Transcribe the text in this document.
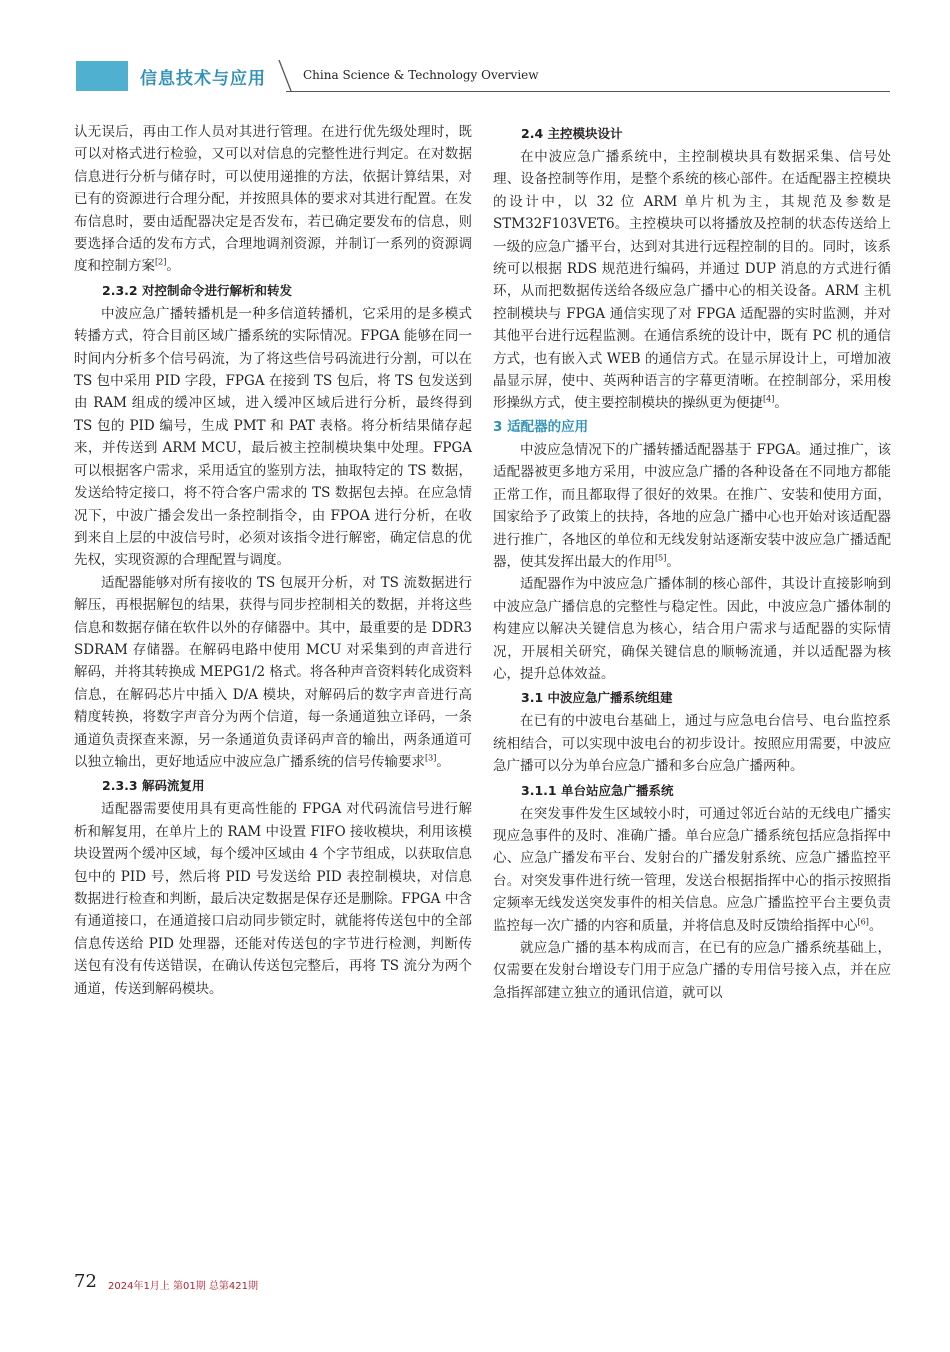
信息技术与应用	China Science & Technology Overview

认无误后，再由工作人员对其进行管理。在进行优先级处理时，既可以对格式进行检验，又可以对信息的完整性进行判定。在对数据信息进行分析与储存时，可以使用递推的方法，依据计算结果，对已有的资源进行合理分配，并按照具体的要求对其进行配置。在发布信息时，要由适配器决定是否发布，若已确定要发布的信息，则要选择合适的发布方式，合理地调剂资源，并制订一系列的资源调度和控制方案[2]。

2.3.2 对控制命令进行解析和转发

中波应急广播转播机是一种多信道转播机，它采用的是多模式转播方式，符合目前区域广播系统的实际情况。FPGA 能够在同一时间内分析多个信号码流，为了将这些信号码流进行分割，可以在 TS 包中采用 PID 字段，FPGA 在接到 TS 包后，将 TS 包发送到由 RAM 组成的缓冲区域，进入缓冲区域后进行分析，最终得到 TS 包的 PID 编号，生成 PMT 和 PAT 表格。将分析结果储存起来，并传送到 ARM MCU，最后被主控制模块集中处理。FPGA 可以根据客户需求，采用适宜的鉴别方法，抽取特定的 TS 数据，发送给特定接口，将不符合客户需求的 TS 数据包去掉。在应急情况下，中波广播会发出一条控制指令，由 FPOA 进行分析，在收到来自上层的中波信号时，必须对该指令进行解密，确定信息的优先权，实现资源的合理配置与调度。

适配器能够对所有接收的 TS 包展开分析，对 TS 流数据进行解压，再根据解包的结果，获得与同步控制相关的数据，并将这些信息和数据存储在软件以外的存储器中。其中，最重要的是 DDR3 SDRAM 存储器。在解码电路中使用 MCU 对采集到的声音进行解码，并将其转换成 MEPG1/2 格式。将各种声音资料转化成资料信息，在解码芯片中插入 D/A 模块，对解码后的数字声音进行高精度转换，将数字声音分为两个信道，每一条通道独立译码，一条通道负责探查来源，另一条通道负责译码声音的输出，两条通道可以独立输出，更好地适应中波应急广播系统的信号传输要求[3]。

2.3.3 解码流复用

适配器需要使用具有更高性能的 FPGA 对代码流信号进行解析和解复用，在单片上的 RAM 中设置 FIFO 接收模块，利用该模块设置两个缓冲区域，每个缓冲区域由 4 个字节组成，以获取信息包中的 PID 号，然后将 PID 号发送给 PID 表控制模块，对信息数据进行检查和判断，最后决定数据是保存还是删除。FPGA 中含有通道接口，在通道接口启动同步锁定时，就能将传送包中的全部信息传送给 PID 处理器，还能对传送包的字节进行检测，判断传送包有没有传送错误，在确认传送包完整后，再将 TS 流分为两个通道，传送到解码模块。

2.4 主控模块设计

在中波应急广播系统中，主控制模块具有数据采集、信号处理、设备控制等作用，是整个系统的核心部件。在适配器主控模块的设计中，以 32 位 ARM 单片机为主，其规范及参数是 STM32F103VET6。主控模块可以将播放及控制的状态传送给上一级的应急广播平台，达到对其进行远程控制的目的。同时，该系统可以根据 RDS 规范进行编码，并通过 DUP 消息的方式进行循环，从而把数据传送给各级应急广播中心的相关设备。ARM 主机控制模块与 FPGA 通信实现了对 FPGA 适配器的实时监测，并对其他平台进行远程监测。在通信系统的设计中，既有 PC 机的通信方式，也有嵌入式 WEB 的通信方式。在显示屏设计上，可增加液晶显示屏，使中、英两种语言的字幕更清晰。在控制部分，采用梭形操纵方式，使主要控制模块的操纵更为便捷[4]。

3 适配器的应用

中波应急情况下的广播转播适配器基于 FPGA。通过推广，该适配器被更多地方采用，中波应急广播的各种设备在不同地方都能正常工作，而且都取得了很好的效果。在推广、安装和使用方面，国家给予了政策上的扶持，各地的应急广播中心也开始对该适配器进行推广，各地区的单位和无线发射站逐渐安装中波应急广播适配器，使其发挥出最大的作用[5]。

适配器作为中波应急广播体制的核心部件，其设计直接影响到中波应急广播信息的完整性与稳定性。因此，中波应急广播体制的构建应以解决关键信息为核心，结合用户需求与适配器的实际情况，开展相关研究，确保关键信息的顺畅流通，并以适配器为核心，提升总体效益。

3.1 中波应急广播系统组建

在已有的中波电台基础上，通过与应急电台信号、电台监控系统相结合，可以实现中波电台的初步设计。按照应用需要，中波应急广播可以分为单台应急广播和多台应急广播两种。

3.1.1 单台站应急广播系统

在突发事件发生区域较小时，可通过邻近台站的无线电广播实现应急事件的及时、准确广播。单台应急广播系统包括应急指挥中心、应急广播发布平台、发射台的广播发射系统、应急广播监控平台。对突发事件进行统一管理，发送台根据指挥中心的指示按照指定频率无线发送突发事件的相关信息。应急广播监控平台主要负责监控每一次广播的内容和质量，并将信息及时反馈给指挥中心[6]。

就应急广播的基本构成而言，在已有的应急广播系统基础上，仅需要在发射台增设专门用于应急广播的专用信号接入点，并在应急指挥部建立独立的通讯信道，就可以

72 2024年1月上 第01期 总第421期
